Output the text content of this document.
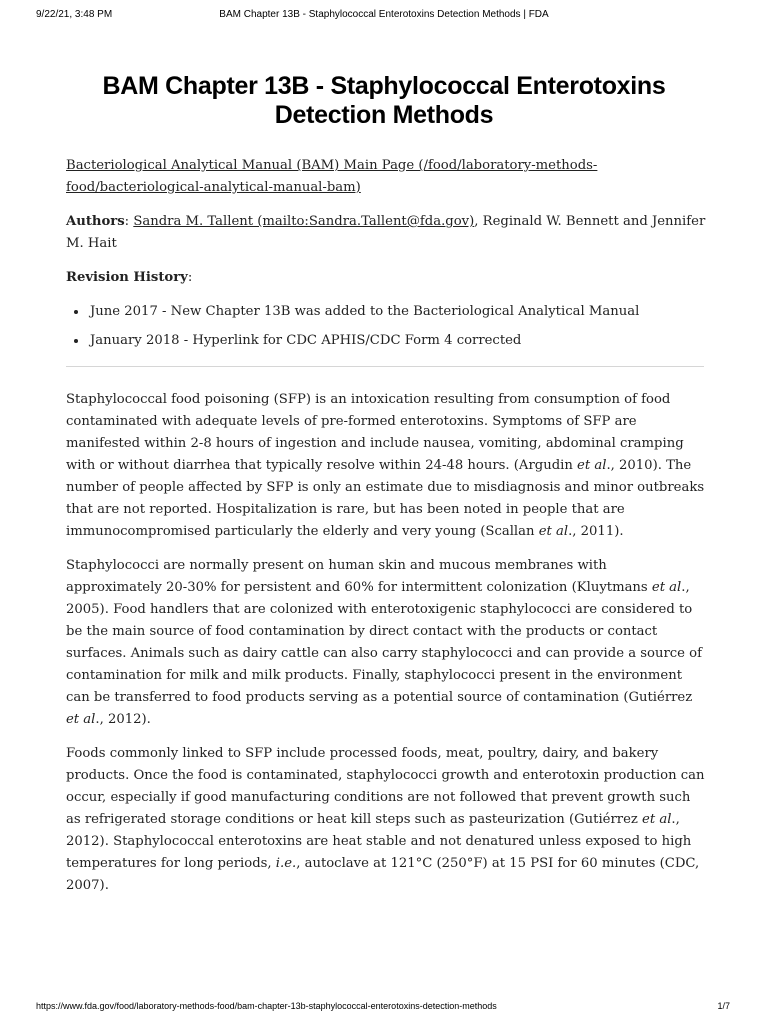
9/22/21, 3:48 PM	BAM Chapter 13B - Staphylococcal Enterotoxins Detection Methods | FDA
BAM Chapter 13B - Staphylococcal Enterotoxins Detection Methods

Bacteriological Analytical Manual (BAM) Main Page (/food/laboratory-methods-food/bacteriological-analytical-manual-bam)

Authors: Sandra M. Tallent (mailto:Sandra.Tallent@fda.gov), Reginald W. Bennett and Jennifer M. Hait

Revision History:

• June 2017 - New Chapter 13B was added to the Bacteriological Analytical Manual
• January 2018 - Hyperlink for CDC APHIS/CDC Form 4 corrected

Staphylococcal food poisoning (SFP) is an intoxication resulting from consumption of food contaminated with adequate levels of pre-formed enterotoxins. Symptoms of SFP are manifested within 2-8 hours of ingestion and include nausea, vomiting, abdominal cramping with or without diarrhea that typically resolve within 24-48 hours. (Argudin et al., 2010). The number of people affected by SFP is only an estimate due to misdiagnosis and minor outbreaks that are not reported. Hospitalization is rare, but has been noted in people that are immunocompromised particularly the elderly and very young (Scallan et al., 2011).

Staphylococci are normally present on human skin and mucous membranes with approximately 20-30% for persistent and 60% for intermittent colonization (Kluytmans et al., 2005). Food handlers that are colonized with enterotoxigenic staphylococci are considered to be the main source of food contamination by direct contact with the products or contact surfaces. Animals such as dairy cattle can also carry staphylococci and can provide a source of contamination for milk and milk products. Finally, staphylococci present in the environment can be transferred to food products serving as a potential source of contamination (Gutiérrez et al., 2012).

Foods commonly linked to SFP include processed foods, meat, poultry, dairy, and bakery products. Once the food is contaminated, staphylococci growth and enterotoxin production can occur, especially if good manufacturing conditions are not followed that prevent growth such as refrigerated storage conditions or heat kill steps such as pasteurization (Gutiérrez et al., 2012). Staphylococcal enterotoxins are heat stable and not denatured unless exposed to high temperatures for long periods, i.e., autoclave at 121°C (250°F) at 15 PSI for 60 minutes (CDC, 2007).

https://www.fda.gov/food/laboratory-methods-food/bam-chapter-13b-staphylococcal-enterotoxins-detection-methods	1/7
